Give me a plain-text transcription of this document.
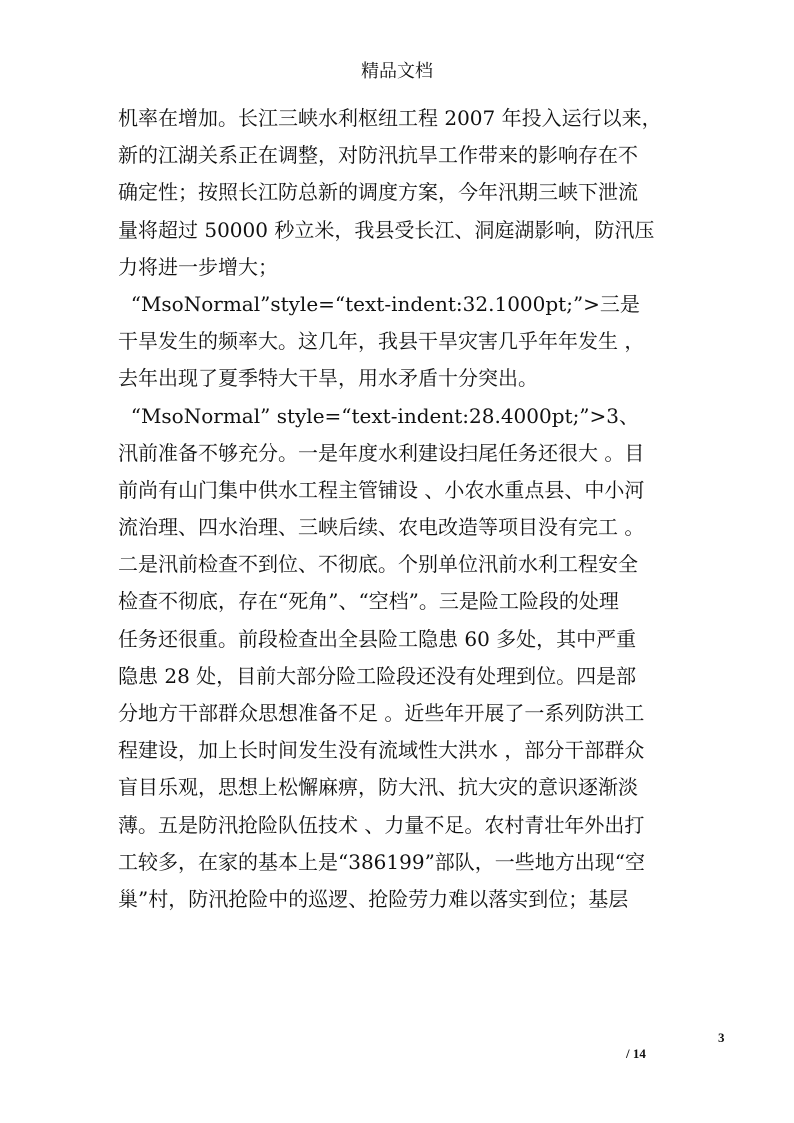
精品文档
机率在增加。长江三峡水利枢纽工程 2007 年投入运行以来，
新的江湖关系正在调整，对防汛抗旱工作带来的影响存在不
确定性；按照长江防总新的调度方案，今年汛期三峡下泄流
量将超过 50000 秒立米，我县受长江、洞庭湖影响，防汛压
力将进一步增大；
“MsoNormal”style=“text-indent:32.1000pt;”>三是
干旱发生的频率大。这几年，我县干旱灾害几乎年年发生 ，
去年出现了夏季特大干旱，用水矛盾十分突出。
“MsoNormal” style=“text-indent:28.4000pt;”>3、
汛前准备不够充分。一是年度水利建设扫尾任务还很大 。目
前尚有山门集中供水工程主管铺设 、小农水重点县、中小河
流治理、四水治理、三峡后续、农电改造等项目没有完工 。
二是汛前检查不到位、不彻底。个别单位汛前水利工程安全
检查不彻底，存在“死角”、“空档”。三是险工险段的处理
任务还很重。前段检查出全县险工隐患 60 多处，其中严重
隐患 28 处，目前大部分险工险段还没有处理到位。四是部
分地方干部群众思想准备不足 。近些年开展了一系列防洪工
程建设，加上长时间发生没有流域性大洪水 ，部分干部群众
盲目乐观，思想上松懈麻痹，防大汛、抗大灾的意识逐渐淡
薄。五是防汛抢险队伍技术 、力量不足。农村青壮年外出打
工较多，在家的基本上是“386199”部队，一些地方出现“空
巢”村，防汛抢险中的巡逻、抢险劳力难以落实到位；基层
3
/ 14
